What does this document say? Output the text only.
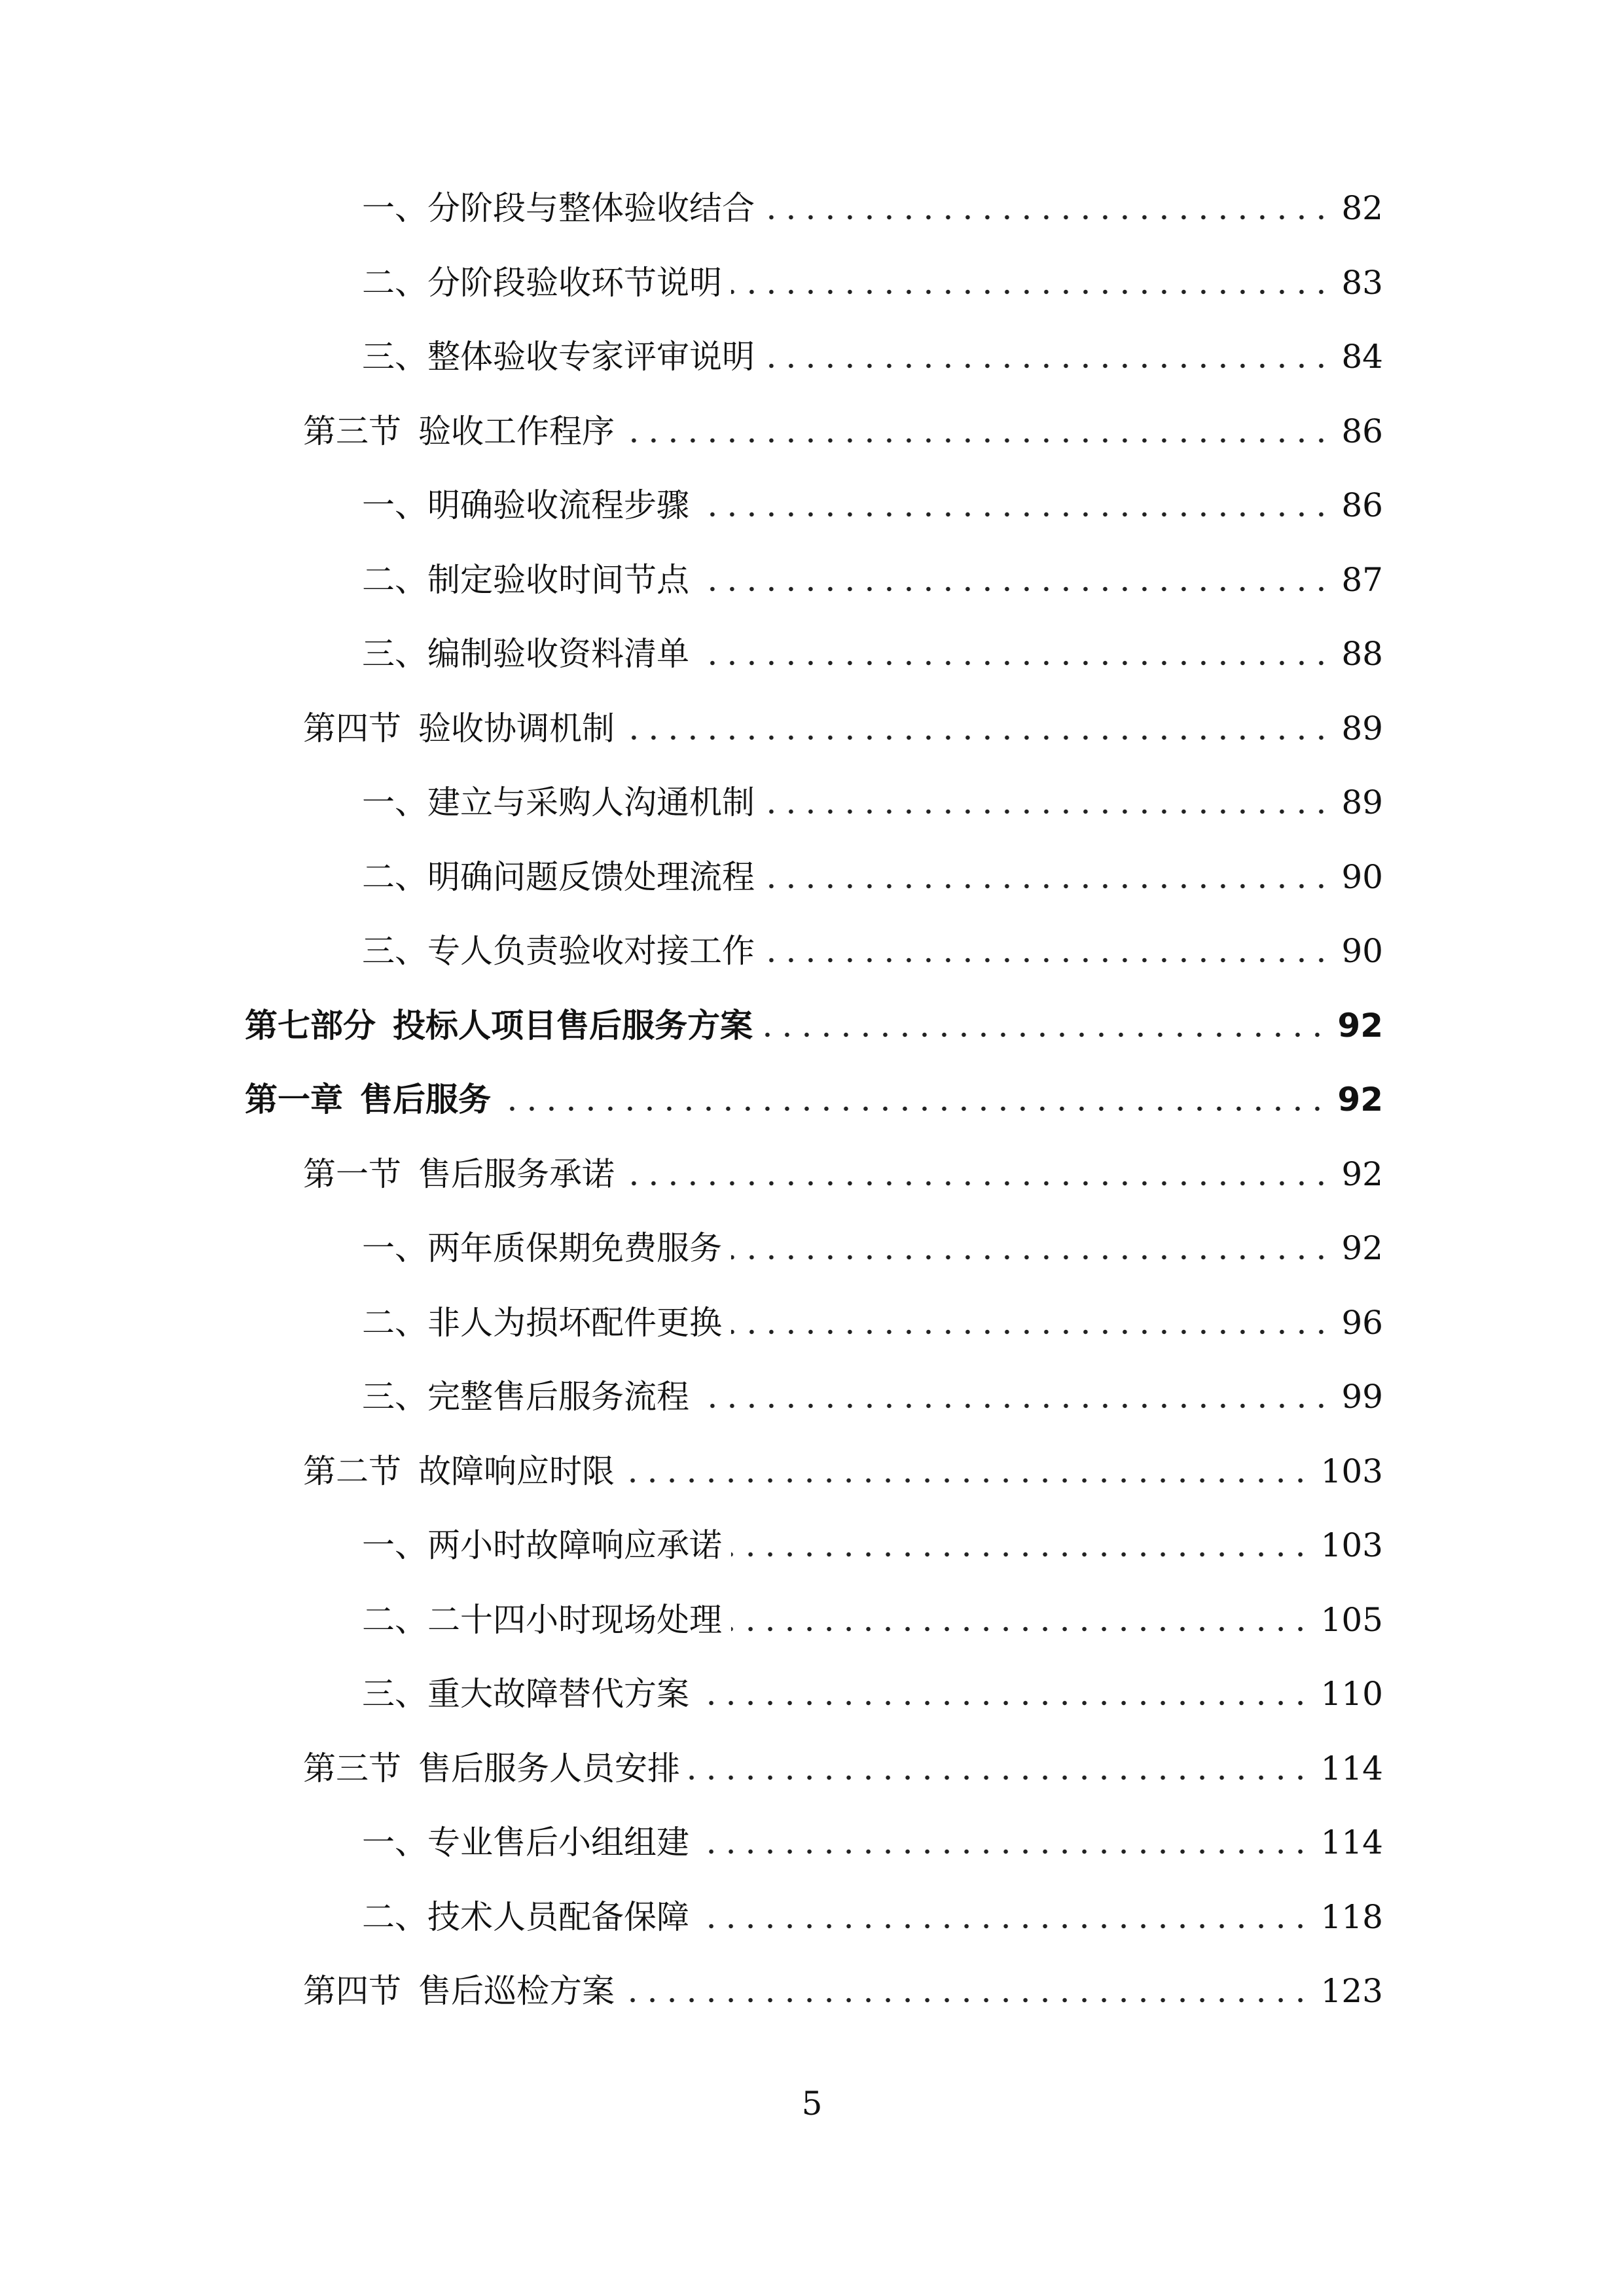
一、分阶段与整体验收结合	82
二、分阶段验收环节说明	83
三、整体验收专家评审说明	84
第三节 验收工作程序	86
一、明确验收流程步骤	86
二、制定验收时间节点	87
三、编制验收资料清单	88
第四节 验收协调机制	89
一、建立与采购人沟通机制	89
二、明确问题反馈处理流程	90
三、专人负责验收对接工作	90
第七部分 投标人项目售后服务方案	92
第一章 售后服务	92
第一节 售后服务承诺	92
一、两年质保期免费服务	92
二、非人为损坏配件更换	96
三、完整售后服务流程	99
第二节 故障响应时限	103
一、两小时故障响应承诺	103
二、二十四小时现场处理	105
三、重大故障替代方案	110
第三节 售后服务人员安排	114
一、专业售后小组组建	114
二、技术人员配备保障	118
第四节 售后巡检方案	123
5
